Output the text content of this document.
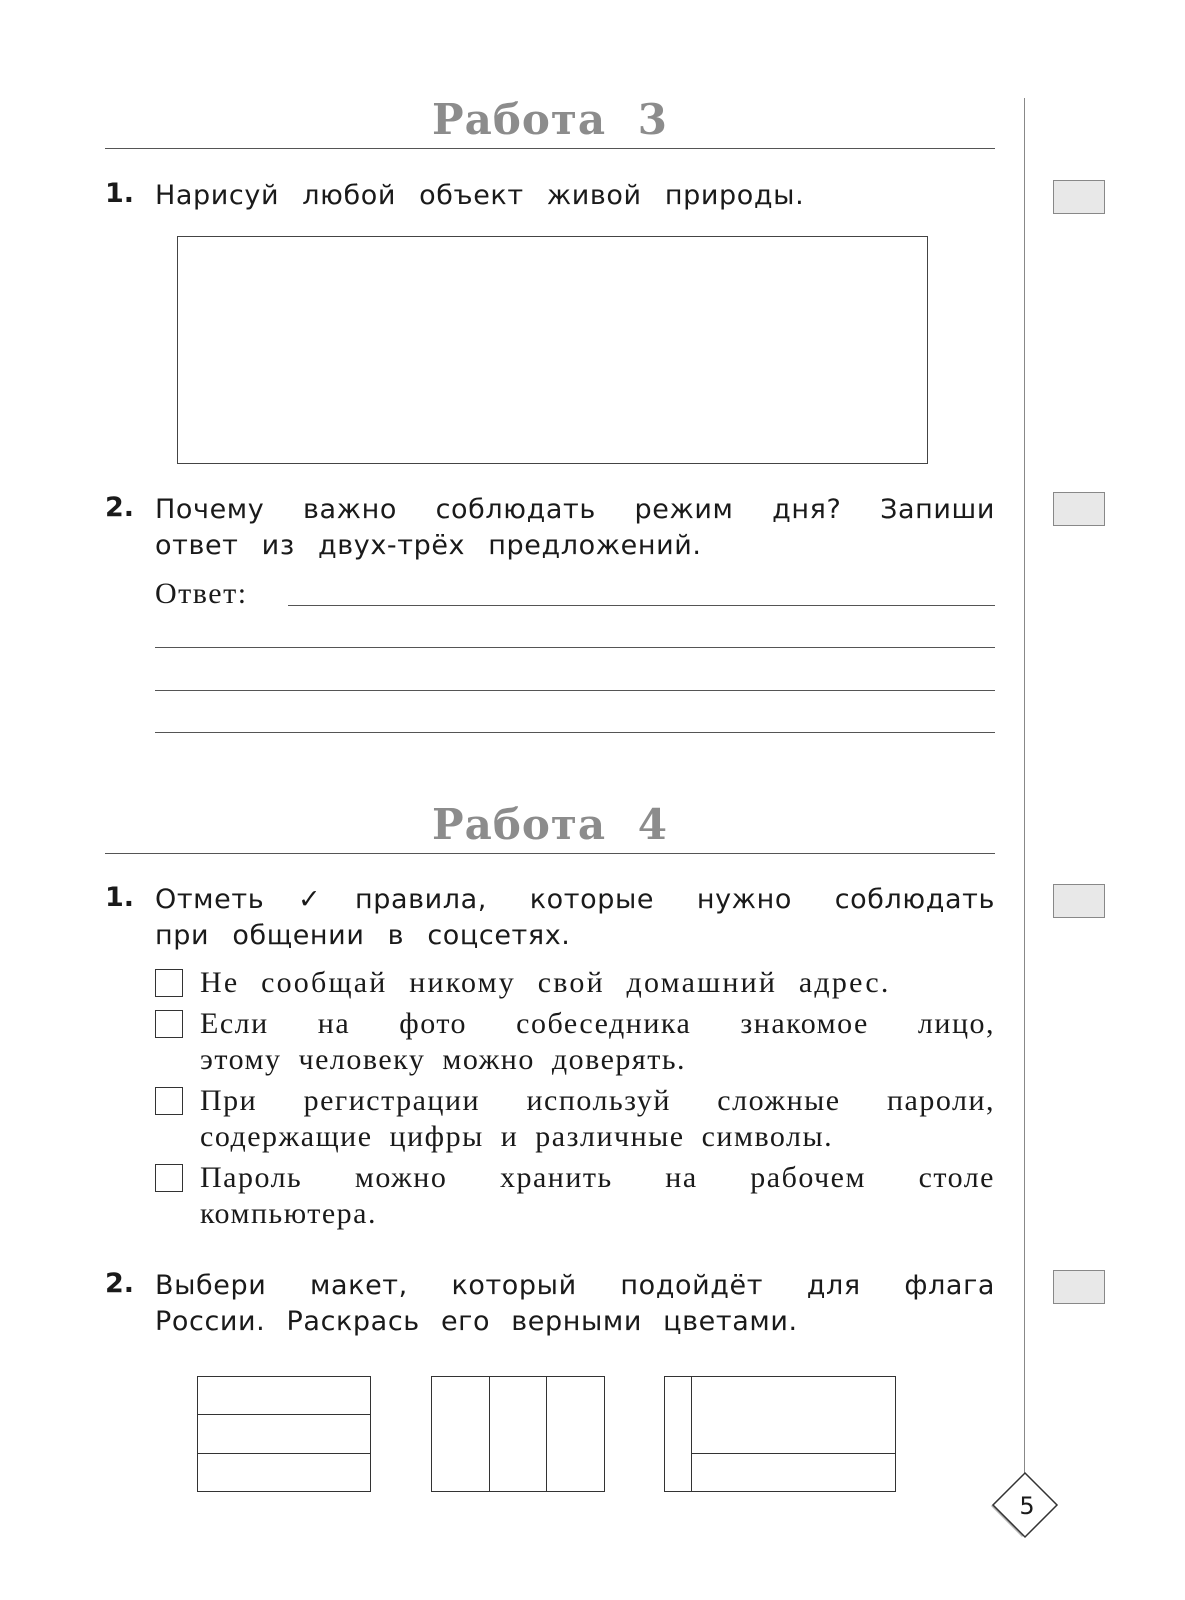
Работа 3
1. Нарисуй любой объект живой природы.
2. Почему важно соблюдать режим дня? Запиши
ответ из двух-трёх предложений.
Ответ:
Работа 4
1. Отметь ✓ правила, которые нужно соблюдать
при общении в соцсетях.
Не сообщай никому свой домашний адрес.
Если на фото собеседника знакомое лицо,
этому человеку можно доверять.
При регистрации используй сложные пароли,
содержащие цифры и различные символы.
Пароль можно хранить на рабочем столе
компьютера.
2. Выбери макет, который подойдёт для флага
России. Раскрась его верными цветами.
5
